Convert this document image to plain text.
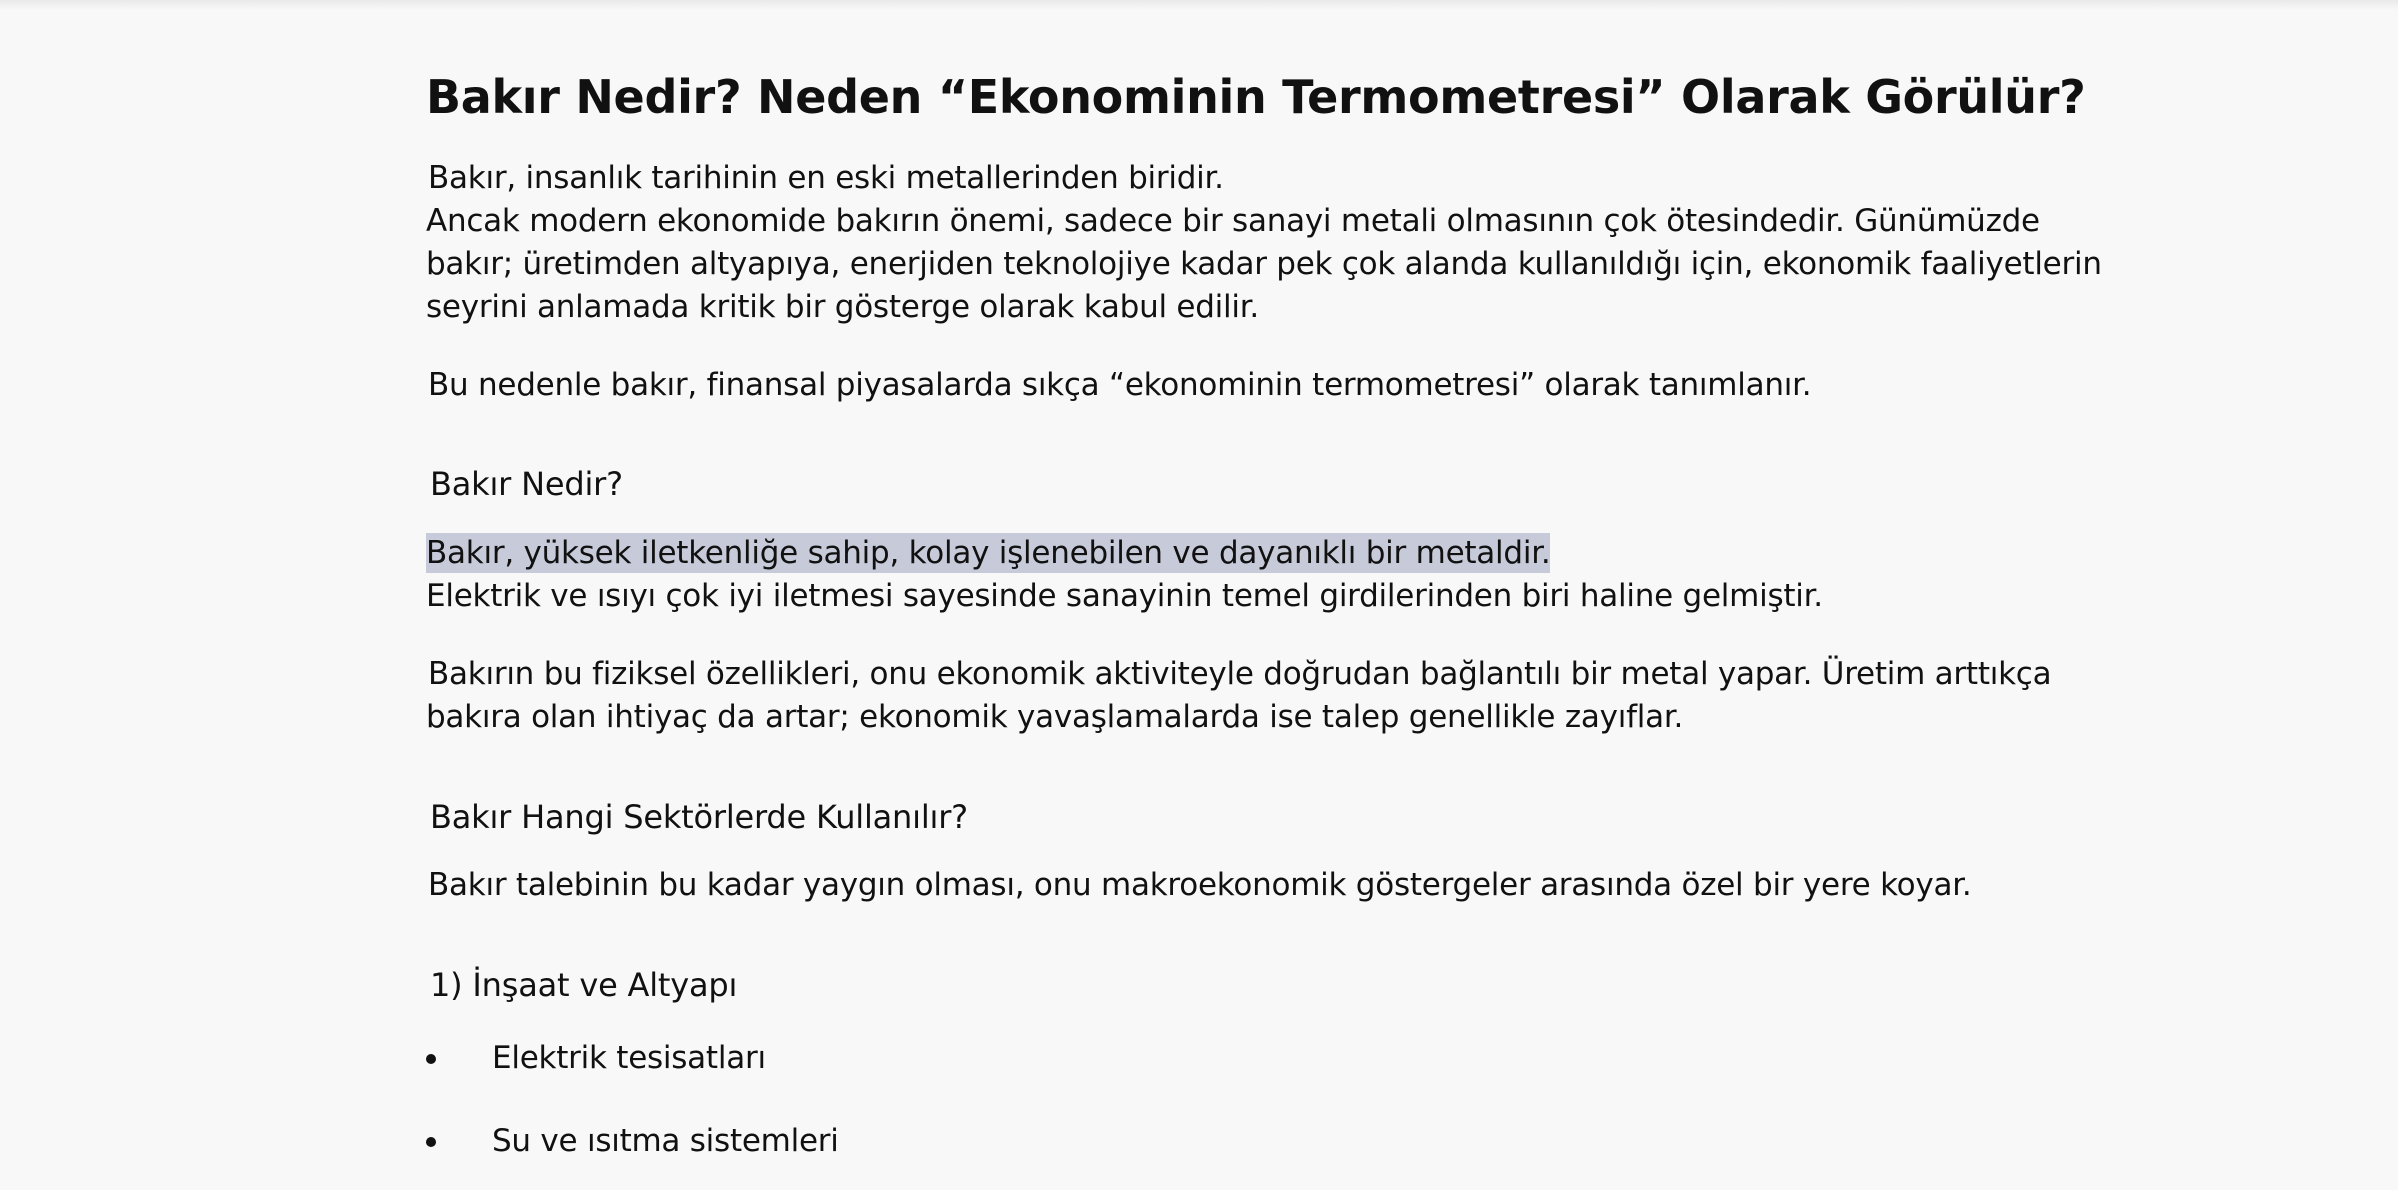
Bakır Nedir? Neden “Ekonominin Termometresi” Olarak Görülür?
Bakır, insanlık tarihinin en eski metallerinden biridir.
Ancak modern ekonomide bakırın önemi, sadece bir sanayi metali olmasının çok ötesindedir. Günümüzde
bakır; üretimden altyapıya, enerjiden teknolojiye kadar pek çok alanda kullanıldığı için, ekonomik faaliyetlerin
seyrini anlamada kritik bir gösterge olarak kabul edilir.
Bu nedenle bakır, finansal piyasalarda sıkça “ekonominin termometresi” olarak tanımlanır.
Bakır Nedir?
Bakır, yüksek iletkenliğe sahip, kolay işlenebilen ve dayanıklı bir metaldir.
Elektrik ve ısıyı çok iyi iletmesi sayesinde sanayinin temel girdilerinden biri haline gelmiştir.
Bakırın bu fiziksel özellikleri, onu ekonomik aktiviteyle doğrudan bağlantılı bir metal yapar. Üretim arttıkça
bakıra olan ihtiyaç da artar; ekonomik yavaşlamalarda ise talep genellikle zayıflar.
Bakır Hangi Sektörlerde Kullanılır?
Bakır talebinin bu kadar yaygın olması, onu makroekonomik göstergeler arasında özel bir yere koyar.
1) İnşaat ve Altyapı
Elektrik tesisatları
Su ve ısıtma sistemleri
